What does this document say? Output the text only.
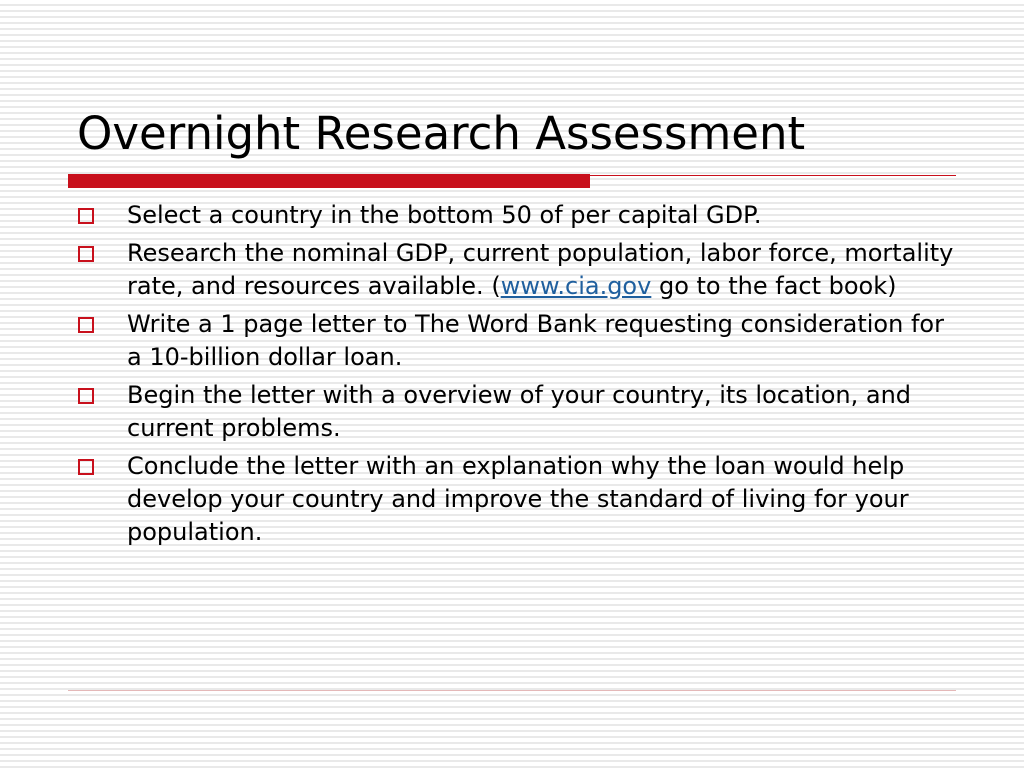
Overnight Research Assessment
Select a country in the bottom 50 of per capital GDP.
Research the nominal GDP, current population, labor force, mortality rate, and resources available. (www.cia.gov go to the fact book)
Write a 1 page letter to The Word Bank requesting consideration for a 10-billion dollar loan.
Begin the letter with a overview of your country, its location, and current problems.
Conclude the letter with an explanation why the loan would help develop your country and improve the standard of living for your population.
